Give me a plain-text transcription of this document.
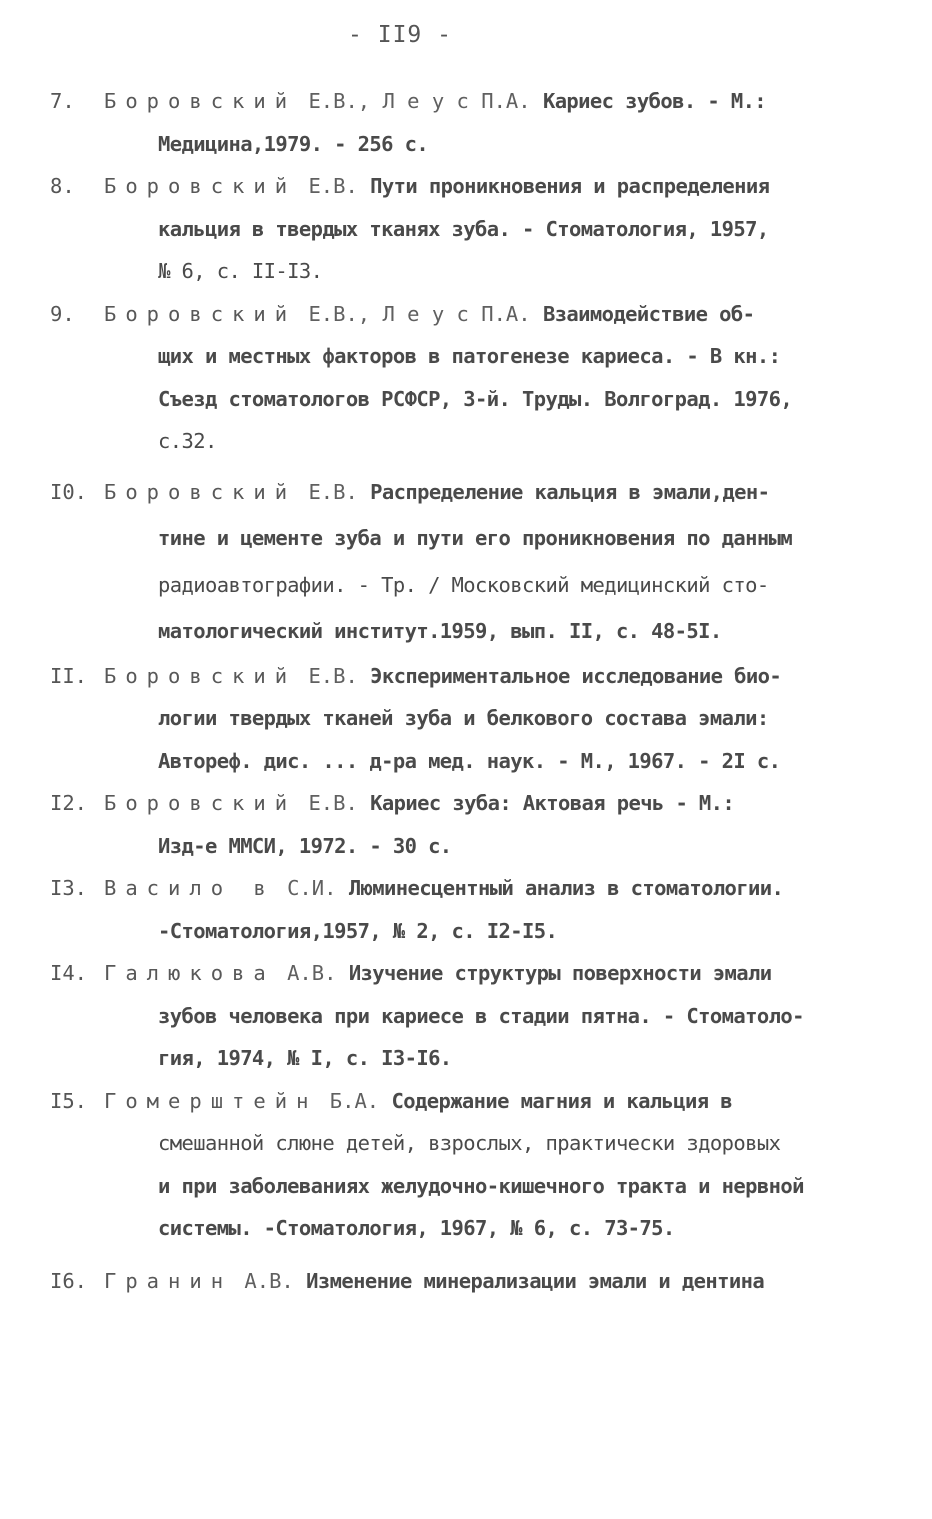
- II9 -
7.	Боровский Е.В., Л е у с П.А. Кариес зубов. - М.:
Медицина,1979. - 256 с.
8.	Боровский Е.В. Пути проникновения и распределения
кальция в твердых тканях зуба. - Стоматология, 1957,
№ 6, с. II-I3.
9.	Боровский Е.В., Л е у с П.А. Взаимодействие об-
щих и местных факторов в патогенезе кариеса. - В кн.:
Съезд стоматологов РСФСР, 3-й. Труды. Волгоград. 1976,
с.32.
I0. Боровский Е.В. Распределение кальция в эмали,ден-
тине и цементе зуба и пути его проникновения по данным
радиоавтографии. - Тр. / Московский медицинский сто-
матологический институт.1959, вып. II, с. 48-5I.
II. Боровский Е.В. Экспериментальное исследование био-
логии твердых тканей зуба и белкового состава эмали:
Автореф. дис. ... д-ра мед. наук. - М., 1967. - 2I с.
I2. Боровский Е.В. Кариес зуба: Актовая речь - М.:
Изд-е ММСИ, 1972. - 30 с.
I3. Васило в С.И. Люминесцентный анализ в стоматологии.
-Стоматология,1957, № 2, с. I2-I5.
I4. Галюкова А.В. Изучение структуры поверхности эмали
зубов человека при кариесе в стадии пятна. - Стоматоло-
гия, 1974, № I, с. I3-I6.
I5. Гомерштейн Б.А. Содержание магния и кальция в
смешанной слюне детей, взрослых, практически здоровых
и при заболеваниях желудочно-кишечного тракта и нервной
системы. -Стоматология, 1967, № 6, с. 73-75.
I6. Гранин А.В. Изменение минерализации эмали и дентина
